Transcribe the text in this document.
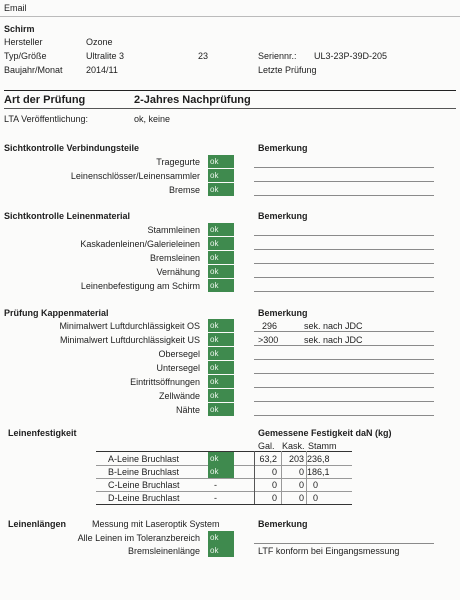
Email
Schirm
Hersteller	Ozone
Typ/Größe	Ultralite 3	23	Seriennr.: UL3-23P-39D-205
Baujahr/Monat	2014/11	Letzte Prüfung
Art der Prüfung	2-Jahres Nachprüfung
LTA Veröffentlichung:	ok, keine
Sichtkontrolle Verbindungsteile	Bemerkung
Tragegurte ok
Leinenschlösser/Leinensammler ok
Bremse ok
Sichtkontrolle Leinenmaterial	Bemerkung
Stammleinen ok
Kaskadenleinen/Galerieleinen ok
Bremsleinen ok
Vernähung ok
Leinenbefestigung am Schirm ok
Prüfung Kappenmaterial	Bemerkung
Minimalwert Luftdurchlässigkeit OS ok	296	sek. nach JDC
Minimalwert Luftdurchlässigkeit US ok	>300	sek. nach JDC
Obersegel ok
Untersegel ok
Eintrittsöffnungen ok
Zellwände ok
Nähte ok
Leinenfestigkeit	Gemessene Festigkeit daN (kg)
Gal. Kask. Stamm
A-Leine Bruchlast	ok	63,2	203 236,8
B-Leine Bruchlast	ok	0	0 186,1
C-Leine Bruchlast	-	0	0 0
D-Leine Bruchlast	-	0	0 0
Leinenlängen	Messung mit Laseroptik System	Bemerkung
Alle Leinen im Toleranzbereich ok
Bremsleinenlänge ok	LTF konform bei Eingangsmessung
